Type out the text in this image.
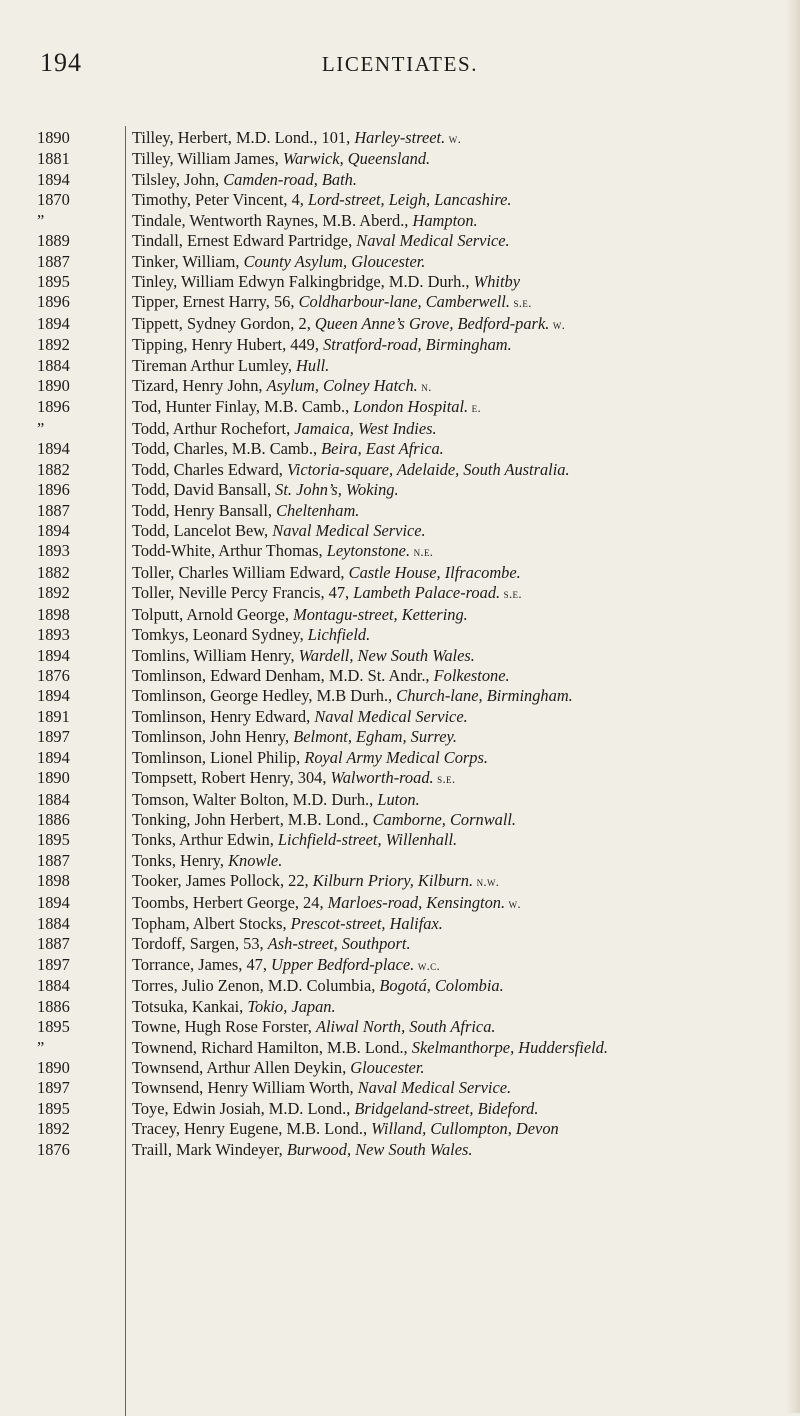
194	LICENTIATES.
1890	Tilley, Herbert, M.D. Lond., 101, Harley-street. w.
1881	Tilley, William James, Warwick, Queensland.
1894	Tilsley, John, Camden-road, Bath.
1870	Timothy, Peter Vincent, 4, Lord-street, Leigh, Lancashire.
”	Tindale, Wentworth Raynes, M.B. Aberd., Hampton.
1889	Tindall, Ernest Edward Partridge, Naval Medical Service.
1887	Tinker, William, County Asylum, Gloucester.
1895	Tinley, William Edwyn Falkingbridge, M.D. Durh., Whitby
1896	Tipper, Ernest Harry, 56, Coldharbour-lane, Camberwell. s.e.
1894	Tippett, Sydney Gordon, 2, Queen Anne’s Grove, Bedford-park. w.
1892	Tipping, Henry Hubert, 449, Stratford-road, Birmingham.
1884	Tireman Arthur Lumley, Hull.
1890	Tizard, Henry John, Asylum, Colney Hatch. n.
1896	Tod, Hunter Finlay, M.B. Camb., London Hospital. e.
”	Todd, Arthur Rochefort, Jamaica, West Indies.
1894	Todd, Charles, M.B. Camb., Beira, East Africa.
1882	Todd, Charles Edward, Victoria-square, Adelaide, South Australia.
1896	Todd, David Bansall, St. John’s, Woking.
1887	Todd, Henry Bansall, Cheltenham.
1894	Todd, Lancelot Bew, Naval Medical Service.
1893	Todd-White, Arthur Thomas, Leytonstone. n.e.
1882	Toller, Charles William Edward, Castle House, Ilfracombe.
1892	Toller, Neville Percy Francis, 47, Lambeth Palace-road. s.e.
1898	Tolputt, Arnold George, Montagu-street, Kettering.
1893	Tomkys, Leonard Sydney, Lichfield.
1894	Tomlins, William Henry, Wardell, New South Wales.
1876	Tomlinson, Edward Denham, M.D. St. Andr., Folkestone.
1894	Tomlinson, George Hedley, M.B Durh., Church-lane, Birmingham.
1891	Tomlinson, Henry Edward, Naval Medical Service.
1897	Tomlinson, John Henry, Belmont, Egham, Surrey.
1894	Tomlinson, Lionel Philip, Royal Army Medical Corps.
1890	Tompsett, Robert Henry, 304, Walworth-road. s.e.
1884	Tomson, Walter Bolton, M.D. Durh., Luton.
1886	Tonking, John Herbert, M.B. Lond., Camborne, Cornwall.
1895	Tonks, Arthur Edwin, Lichfield-street, Willenhall.
1887	Tonks, Henry, Knowle.
1898	Tooker, James Pollock, 22, Kilburn Priory, Kilburn. n.w.
1894	Toombs, Herbert George, 24, Marloes-road, Kensington. w.
1884	Topham, Albert Stocks, Prescot-street, Halifax.
1887	Tordoff, Sargen, 53, Ash-street, Southport.
1897	Torrance, James, 47, Upper Bedford-place. w.c.
1884	Torres, Julio Zenon, M.D. Columbia, Bogotá, Colombia.
1886	Totsuka, Kankai, Tokio, Japan.
1895	Towne, Hugh Rose Forster, Aliwal North, South Africa.
”	Townend, Richard Hamilton, M.B. Lond., Skelmanthorpe, Huddersfield.
1890	Townsend, Arthur Allen Deykin, Gloucester.
1897	Townsend, Henry William Worth, Naval Medical Service.
1895	Toye, Edwin Josiah, M.D. Lond., Bridgeland-street, Bideford.
1892	Tracey, Henry Eugene, M.B. Lond., Willand, Cullompton, Devon
1876	Traill, Mark Windeyer, Burwood, New South Wales.
